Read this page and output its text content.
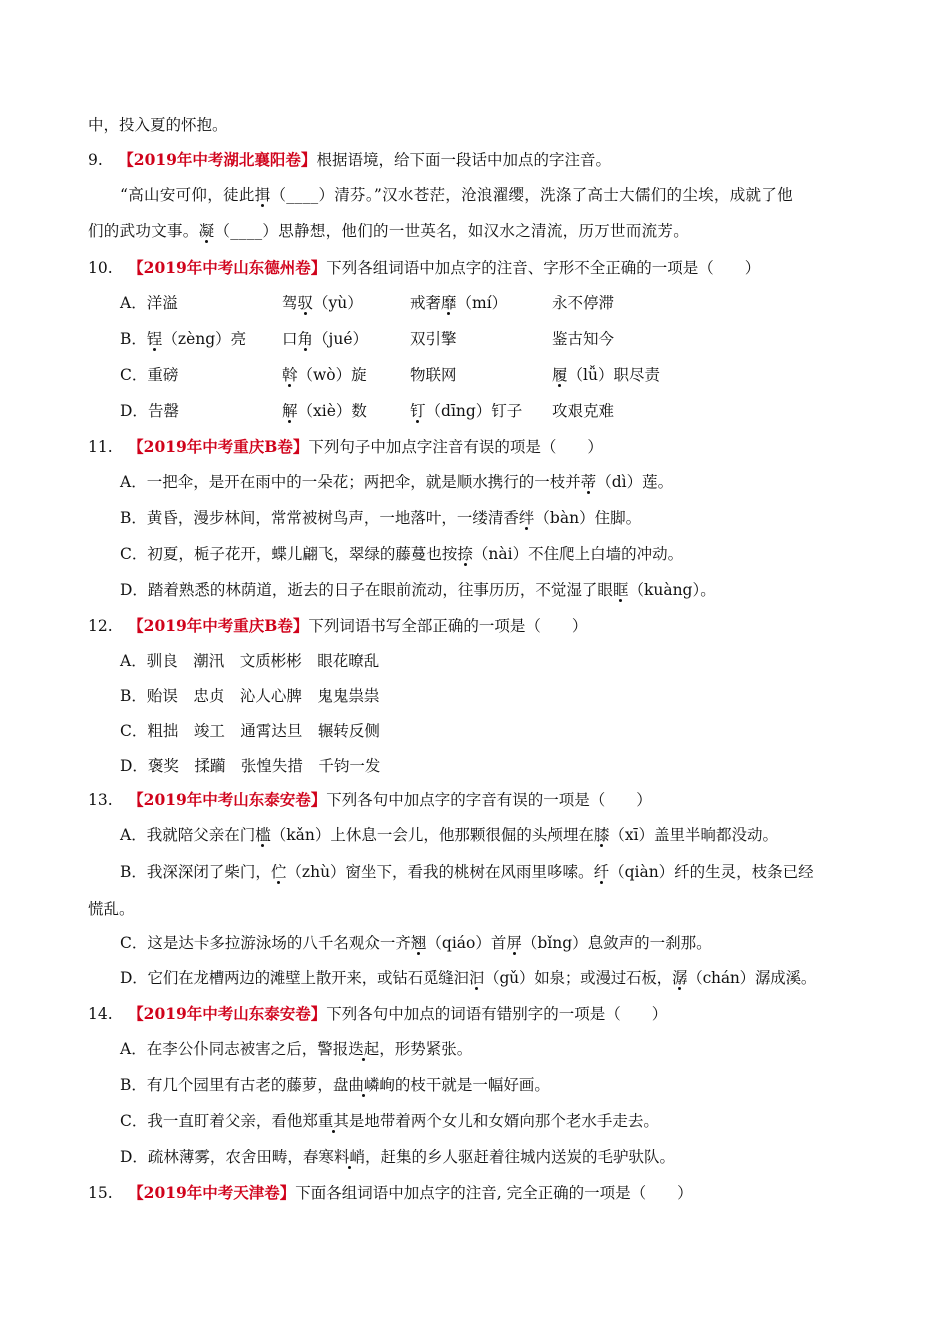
中，投入夏的怀抱。
9.   【2019年中考湖北襄阳卷】根据语境，给下面一段话中加点的字注音。
“高山安可仰，徒此揖（____）清芬。”汉水苍茫，沧浪濯缨，洗涤了高士大儒们的尘埃，成就了他
们的武功文事。凝（____）思静想，他们的一世英名，如汉水之清流，历万世而流芳。
10.   【2019年中考山东德州卷】下列各组词语中加点字的注音、字形不全正确的一项是（　　）
A．洋溢	驾驭（yù）	戒奢靡（mí）	永不停滞
B．锃（zèng）亮 口角（jué）	双引擎	鉴古知今
C．重磅	斡（wò）旋	物联网	履（lǚ）职尽责
D．告罄	解（xiè）数	钉（dīng）钉子 攻艰克难
11.   【2019年中考重庆B卷】下列句子中加点字注音有误的项是（　　）
A．一把伞，是开在雨中的一朵花；两把伞，就是顺水携行的一枝并蒂（dì）莲。
B．黄昏，漫步林间，常常被树鸟声，一地落叶，一缕清香绊（bàn）住脚。
C．初夏，栀子花开，蝶儿翩飞，翠绿的藤蔓也按捺（nài）不住爬上白墙的冲动。
D．踏着熟悉的林荫道，逝去的日子在眼前流动，往事历历，不觉湿了眼眶（kuàng）。
12.   【2019年中考重庆B卷】下列词语书写全部正确的一项是（　　）
A．驯良　潮汛　文质彬彬　眼花暸乱
B．贻误　忠贞　沁人心脾　鬼鬼祟祟
C．粗拙　竣工　通霄达旦　辗转反侧
D．褒奖　揉躏　张惶失措　千钧一发
13.   【2019年中考山东泰安卷】下列各句中加点字的字音有误的一项是（　　）
A．我就陪父亲在门槛（kǎn）上休息一会儿，他那颗很倔的头颅埋在膝（xī）盖里半晌都没动。
B．我深深闭了柴门，伫（zhù）窗坐下，看我的桃树在风雨里哆嗦。纤（qiàn）纤的生灵，枝条已经
慌乱。
C．这是达卡多拉游泳场的八千名观众一齐翘（qiáo）首屏（bǐng）息敛声的一刹那。
D．它们在龙槽两边的滩壁上散开来，或钻石觅缝汩汩（gǔ）如泉；或漫过石板，潺（chán）潺成溪。
14.   【2019年中考山东泰安卷】下列各句中加点的词语有错别字的一项是（　　）
A．在李公仆同志被害之后，警报迭起，形势紧张。
B．有几个园里有古老的藤萝，盘曲嶙峋的枝干就是一幅好画。
C．我一直盯着父亲，看他郑重其是地带着两个女儿和女婿向那个老水手走去。
D．疏林薄雾，农舍田畴，春寒料峭，赶集的乡人驱赶着往城内送炭的毛驴驮队。
15.   【2019年中考天津卷】下面各组词语中加点字的注音, 完全正确的一项是（　　）
